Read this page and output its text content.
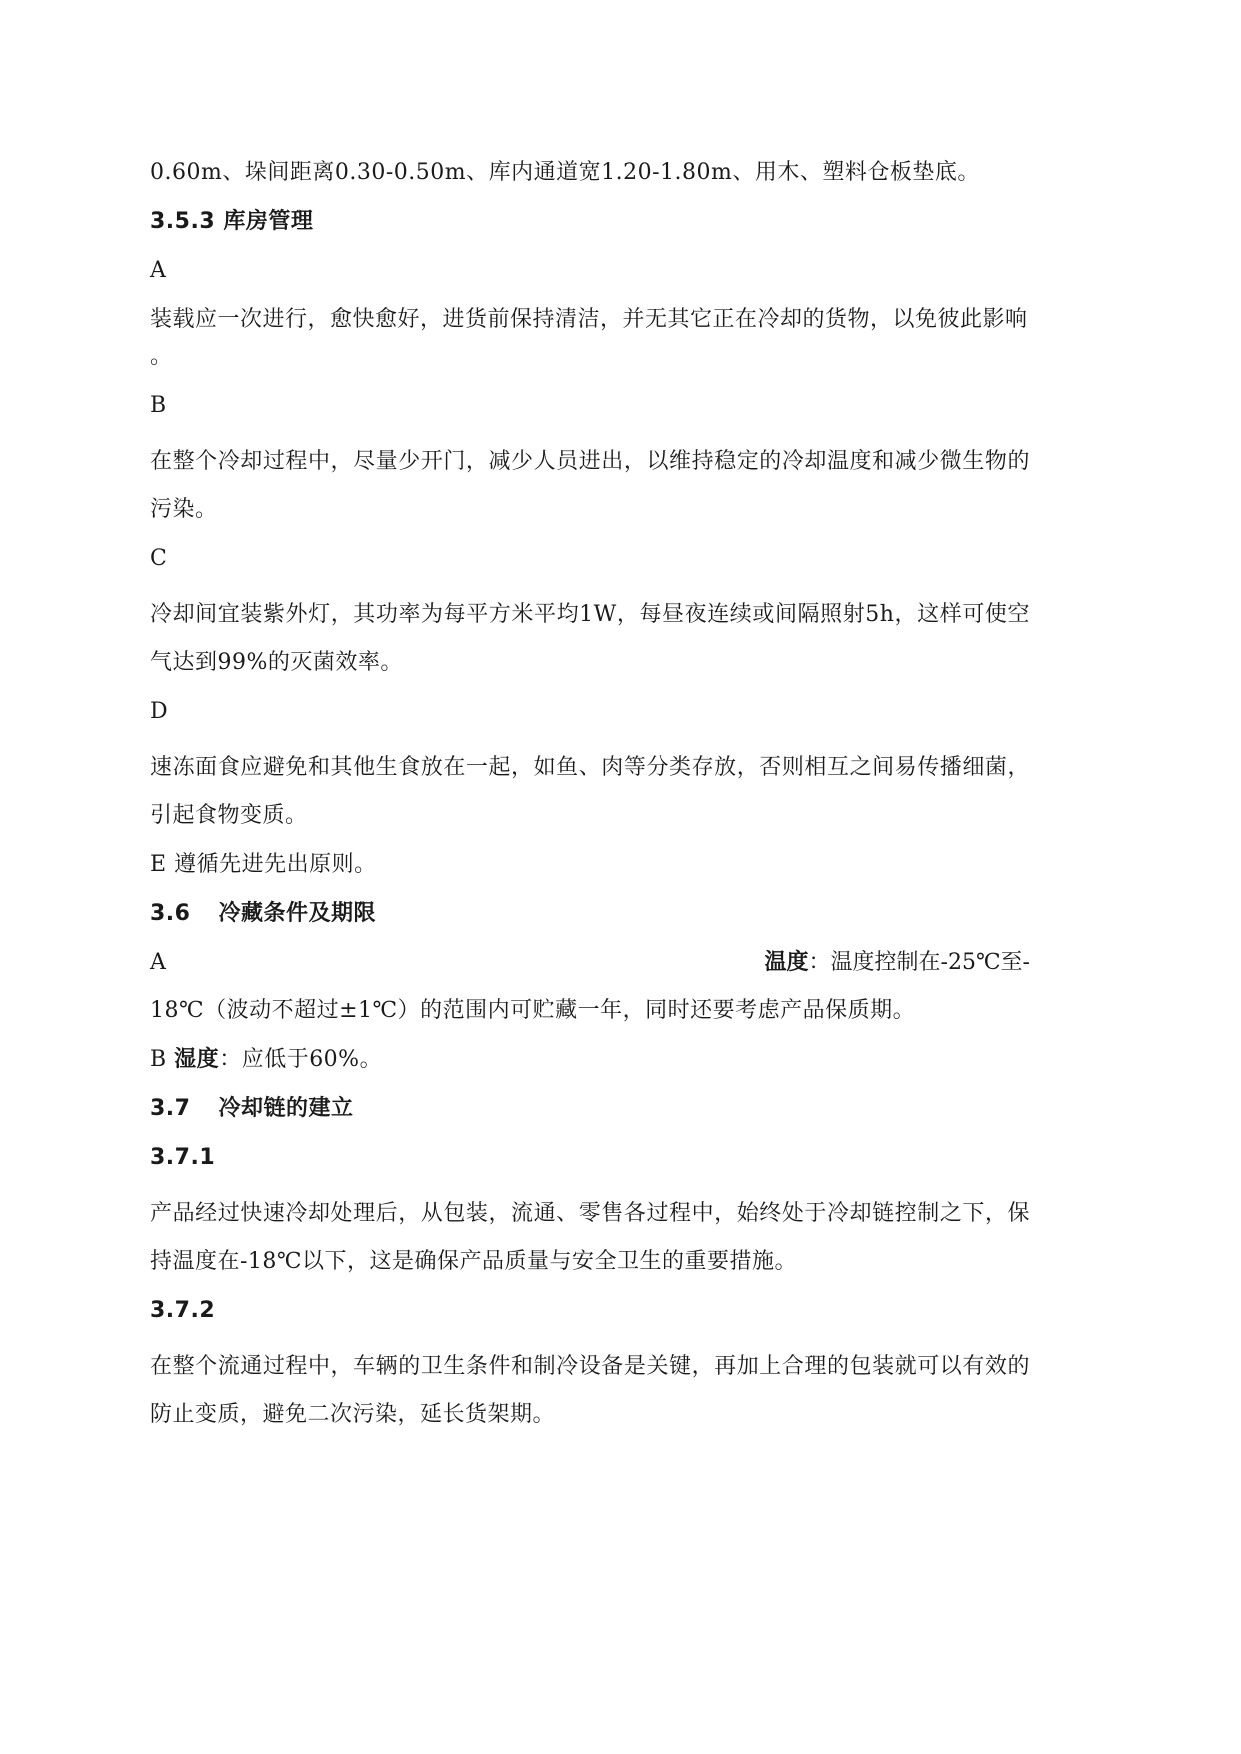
0.60m、垛间距离0.30-0.50m、库内通道宽1.20-1.80m、用木、塑料仓板垫底。
3.5.3 库房管理
A
装载应一次进行，愈快愈好，进货前保持清洁，并无其它正在冷却的货物，以免彼此影响
。
B
在整个冷却过程中，尽量少开门，减少人员进出，以维持稳定的冷却温度和减少微生物的污染。
C
冷却间宜装紫外灯，其功率为每平方米平均1W，每昼夜连续或间隔照射5h，这样可使空气达到99%的灭菌效率。
D
速冻面食应避免和其他生食放在一起，如鱼、肉等分类存放，否则相互之间易传播细菌，引起食物变质。
E 遵循先进先出原则。
3.6 冷藏条件及期限
A	温度：温度控制在-25℃至-
18℃（波动不超过±1℃）的范围内可贮藏一年，同时还要考虑产品保质期。
B 湿度：应低于60%。
3.7 冷却链的建立
3.7.1
产品经过快速冷却处理后，从包装，流通、零售各过程中，始终处于冷却链控制之下，保持温度在-18℃以下，这是确保产品质量与安全卫生的重要措施。
3.7.2
在整个流通过程中，车辆的卫生条件和制冷设备是关键，再加上合理的包装就可以有效的防止变质，避免二次污染，延长货架期。
